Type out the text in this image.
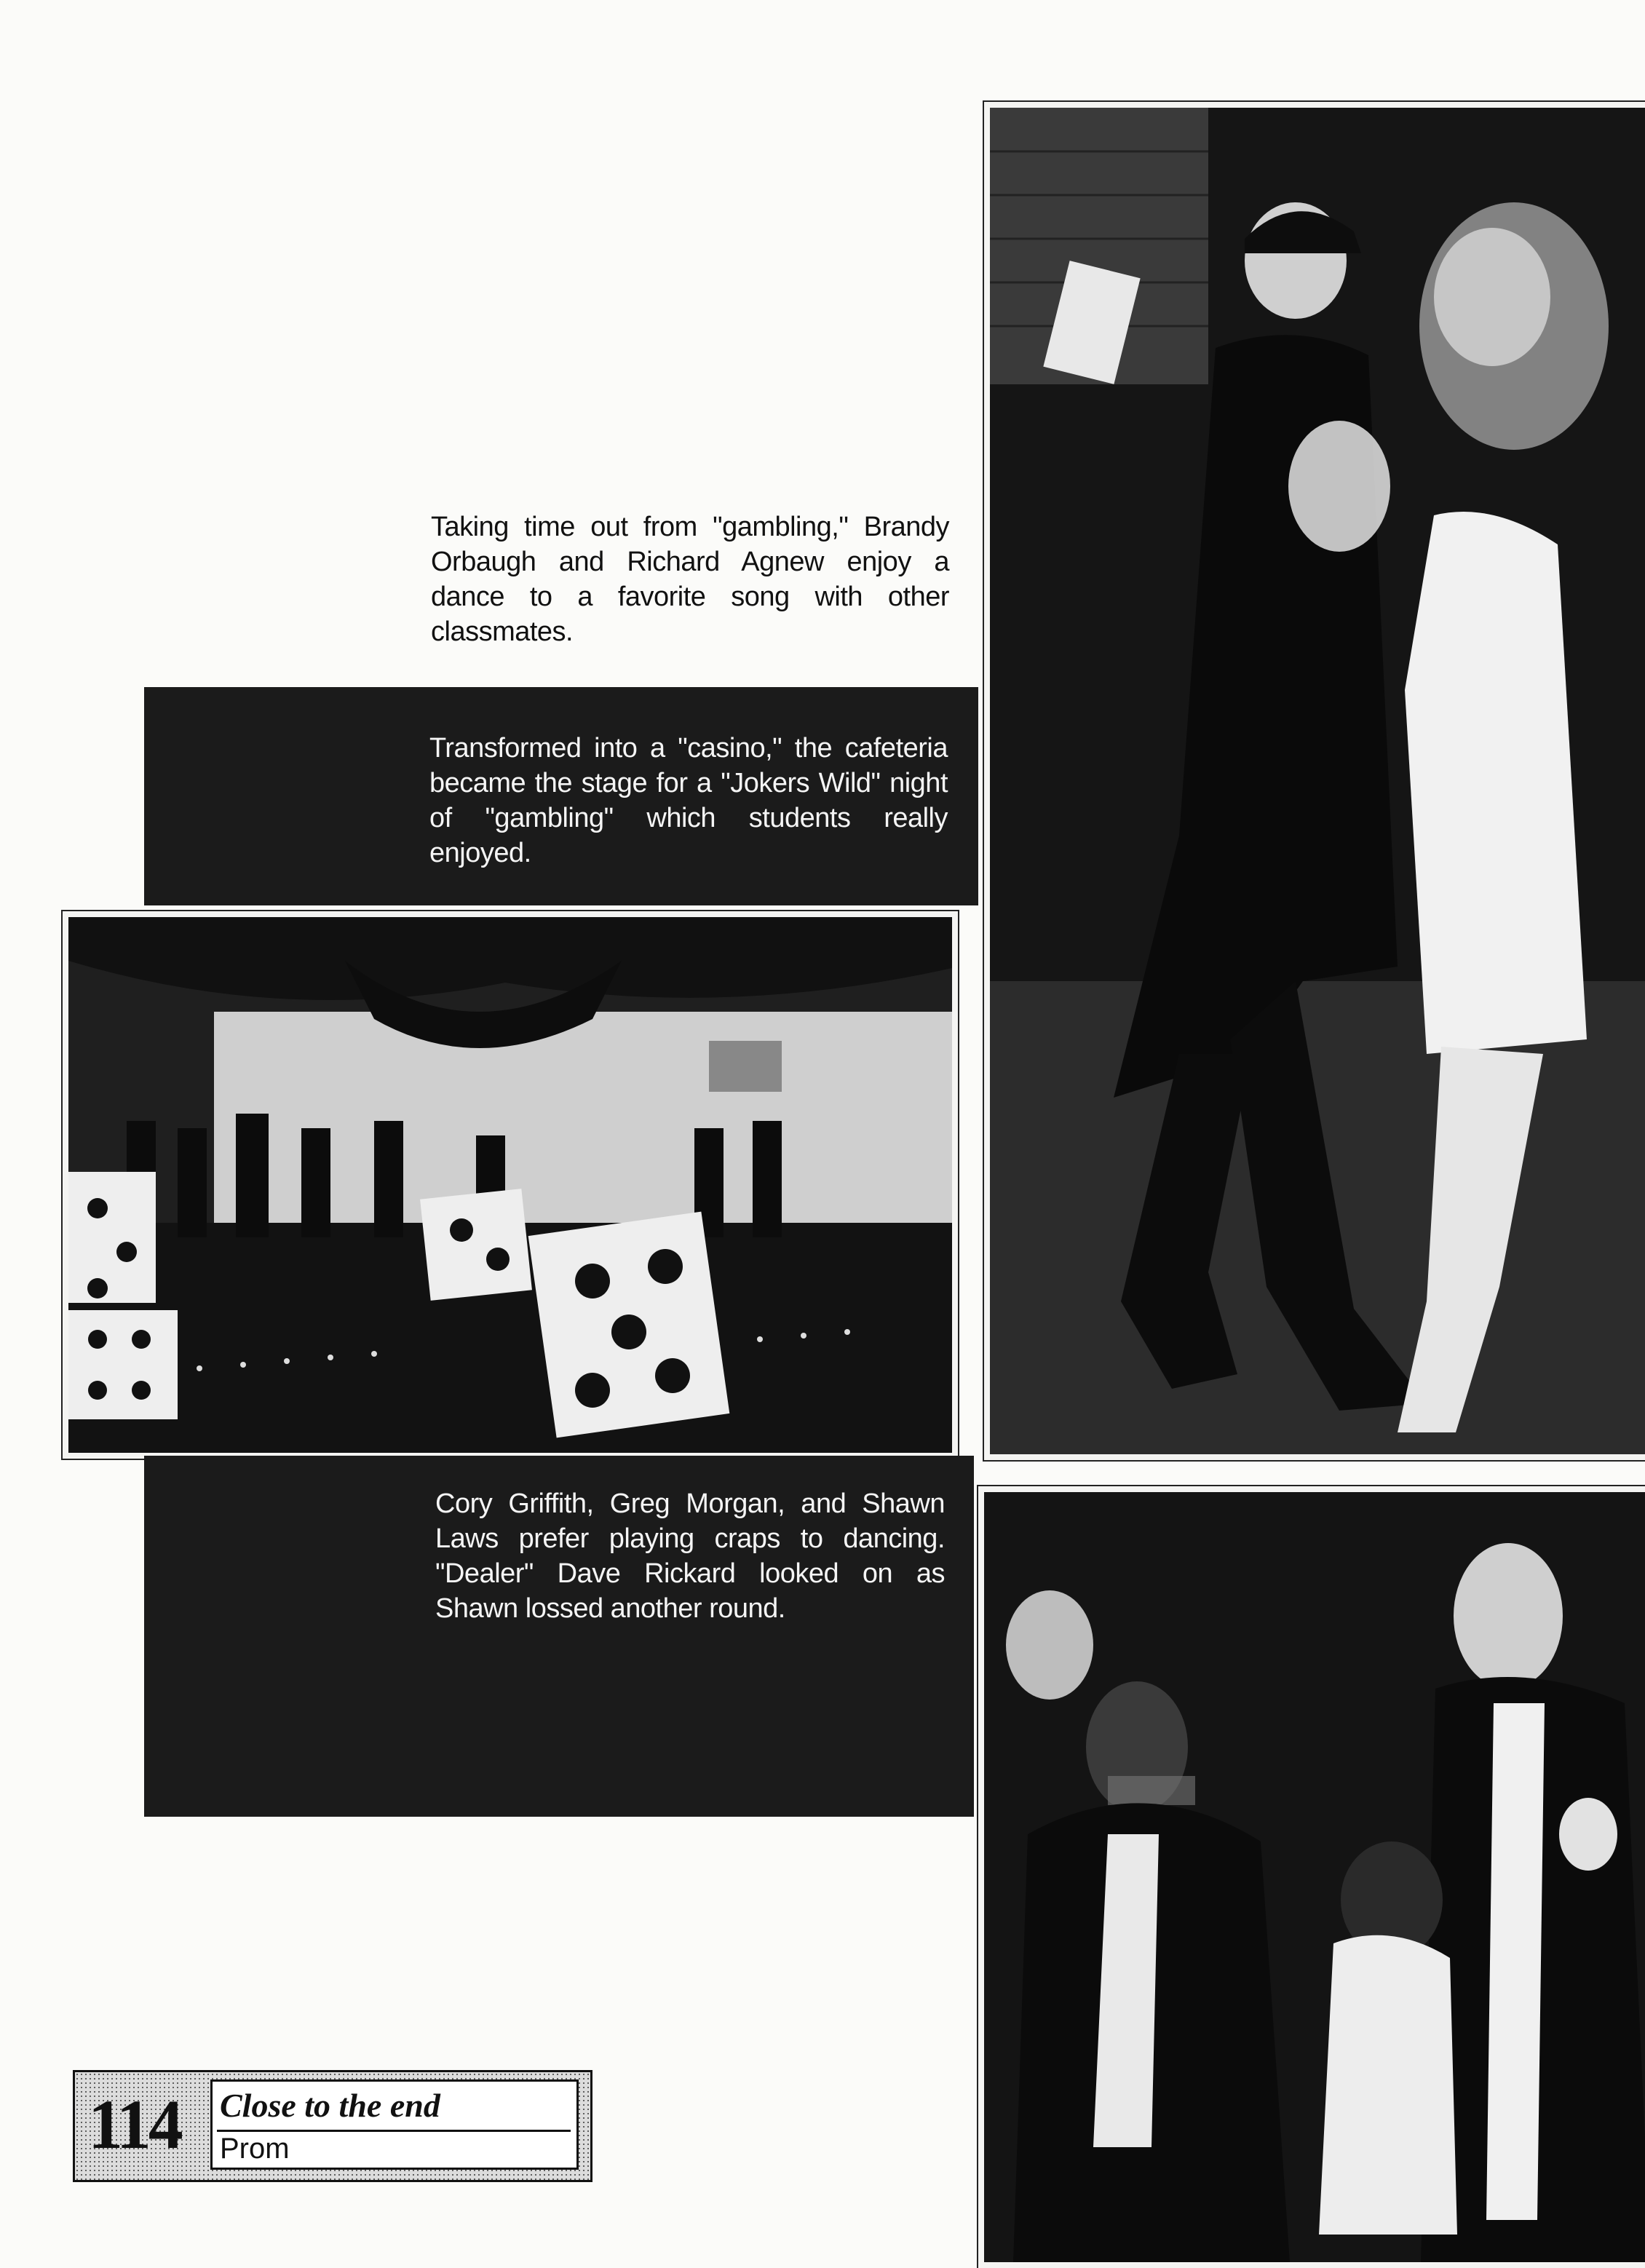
Taking time out from "gambling," Brandy Orbaugh and Richard Agnew enjoy a dance to a favorite song with other classmates.
Transformed into a "casino," the cafeteria became the stage for a "Jokers Wild" night of "gambling" which students really enjoyed.
Cory Griffith, Greg Morgan, and Shawn Laws prefer playing craps to dancing. "Dealer" Dave Rickard looked on as Shawn lossed another round.
114 Close to the end
Prom
